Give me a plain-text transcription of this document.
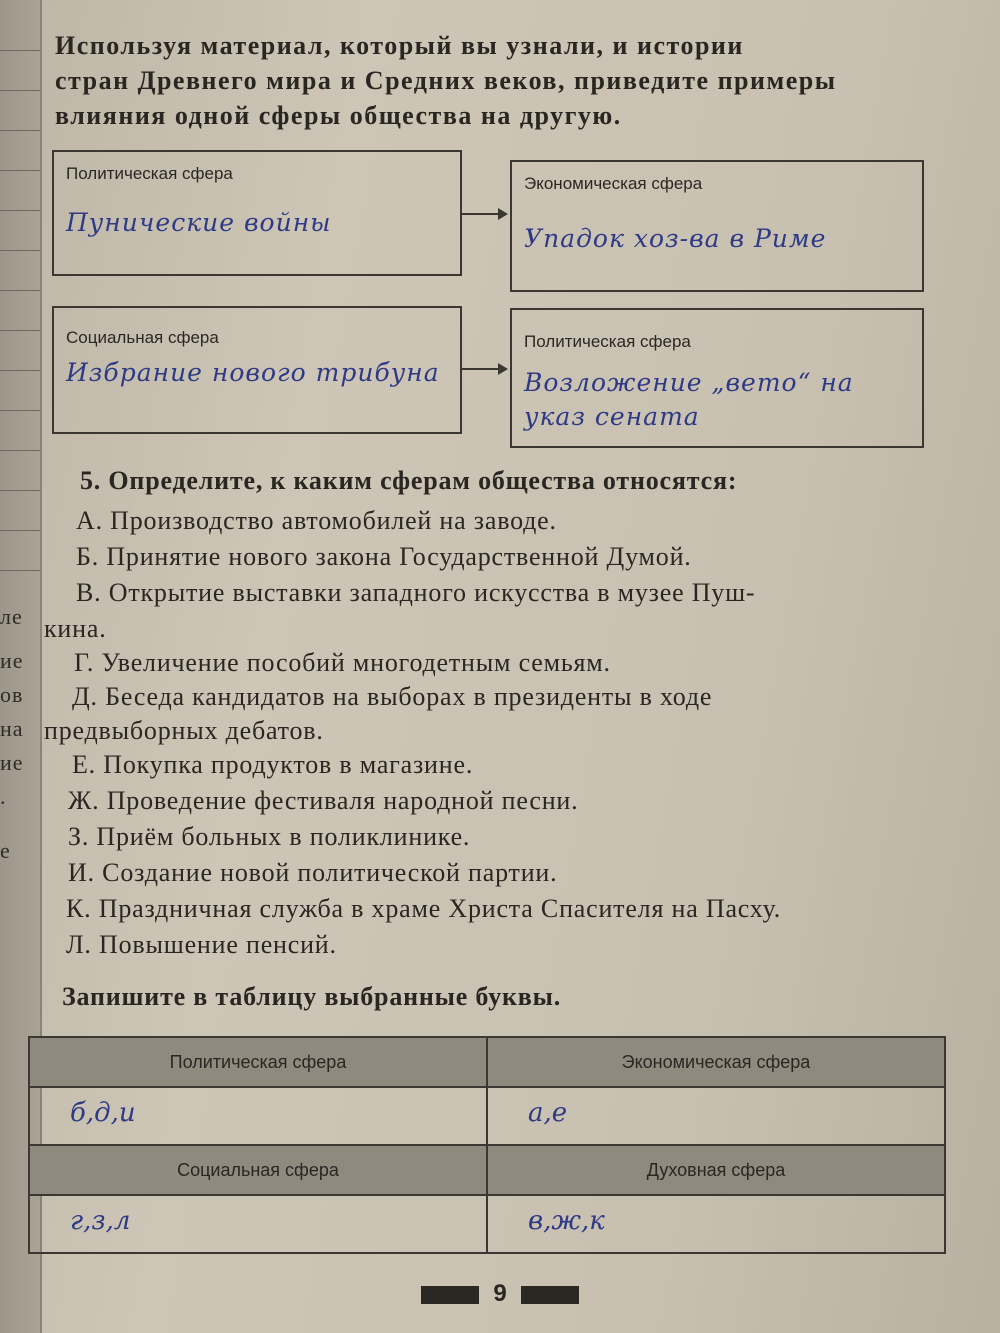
ле
ие
ов
на
ие
.
е
Используя материал, который вы узнали, и истории
стран Древнего мира и Средних веков, приведите примеры
влияния одной сферы общества на другую.
Политическая сфера
Пунические войны
Экономическая сфера
Упадок хоз-ва в Риме
Социальная сфера
Избрание нового трибуна
Политическая сфера
Возложение „вето“ на
указ сената
5. Определите, к каким сферам общества относятся:
А. Производство автомобилей на заводе.
Б. Принятие нового закона Государственной Думой.
В. Открытие выставки западного искусства в музее Пуш-
кина.
Г. Увеличение пособий многодетным семьям.
Д. Беседа кандидатов на выборах в президенты в ходе
предвыборных дебатов.
Е. Покупка продуктов в магазине.
Ж. Проведение фестиваля народной песни.
З. Приём больных в поликлинике.
И. Создание новой политической партии.
К. Праздничная служба в храме Христа Спасителя на Пасху.
Л. Повышение пенсий.
Запишите в таблицу выбранные буквы.
Политическая сфера	Экономическая сфера

б,д,и	а,е

Социальная сфера	Духовная сфера

г,з,л	в,ж,к
9
